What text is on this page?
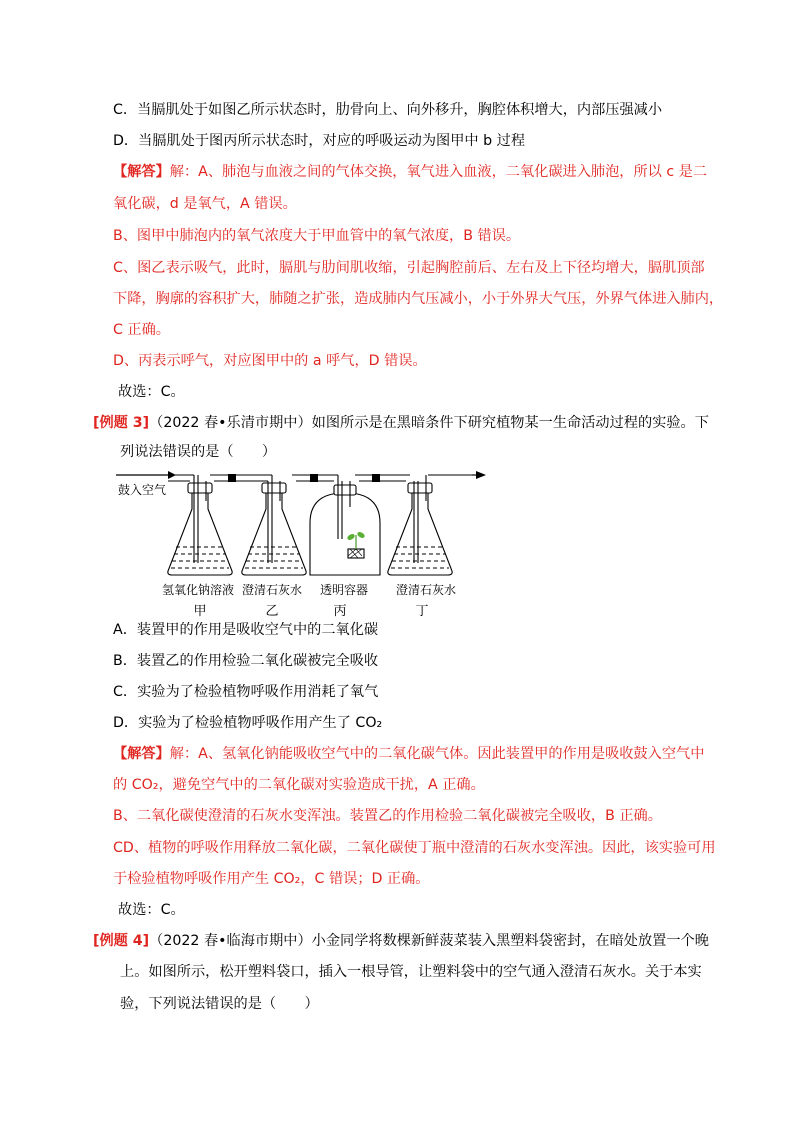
C．当膈肌处于如图乙所示状态时，肋骨向上、向外移升，胸腔体积增大，内部压强减小
D．当膈肌处于图丙所示状态时，对应的呼吸运动为图甲中 b 过程
【解答】解：A、肺泡与血液之间的气体交换，氧气进入血液，二氧化碳进入肺泡，所以 c 是二
氧化碳，d 是氧气，A 错误。
B、图甲中肺泡内的氧气浓度大于甲血管中的氧气浓度，B 错误。
C、图乙表示吸气，此时，膈肌与肋间肌收缩，引起胸腔前后、左右及上下径均增大，膈肌顶部
下降，胸廓的容积扩大，肺随之扩张，造成肺内气压减小，小于外界大气压，外界气体进入肺内，
C 正确。
D、丙表示呼气，对应图甲中的 a 呼气，D 错误。
故选：C。
[例题 3]（2022 春•乐清市期中）如图所示是在黑暗条件下研究植物某一生命活动过程的实验。下
列说法错误的是（　　）
鼓入空气
氢氧化钠溶液 澄清石灰水 透明容器 澄清石灰水
甲	乙	丙	丁
A．装置甲的作用是吸收空气中的二氧化碳
B．装置乙的作用检验二氧化碳被完全吸收
C．实验为了检验植物呼吸作用消耗了氧气
D．实验为了检验植物呼吸作用产生了 CO₂
【解答】解：A、氢氧化钠能吸收空气中的二氧化碳气体。因此装置甲的作用是吸收鼓入空气中
的 CO₂，避免空气中的二氧化碳对实验造成干扰，A 正确。
B、二氧化碳使澄清的石灰水变浑浊。装置乙的作用检验二氧化碳被完全吸收，B 正确。
CD、植物的呼吸作用释放二氧化碳，二氧化碳使丁瓶中澄清的石灰水变浑浊。因此，该实验可用
于检验植物呼吸作用产生 CO₂，C 错误；D 正确。
故选：C。
[例题 4]（2022 春•临海市期中）小金同学将数棵新鲜菠菜装入黑塑料袋密封，在暗处放置一个晚
上。如图所示，松开塑料袋口，插入一根导管，让塑料袋中的空气通入澄清石灰水。关于本实
验，下列说法错误的是（　　）
